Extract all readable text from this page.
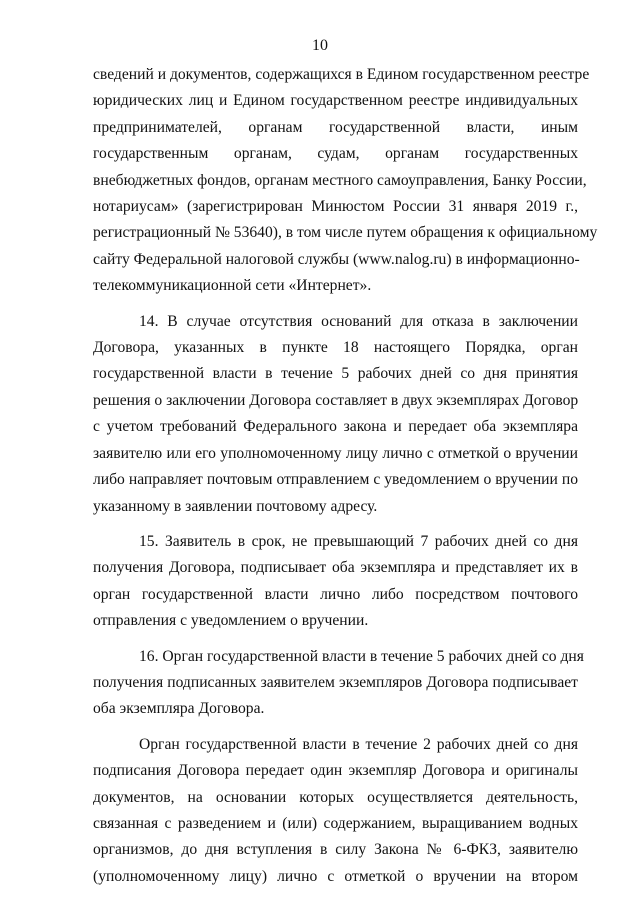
10
сведений и документов, содержащихся в Едином государственном реестре
юридических лиц и Едином государственном реестре индивидуальных
предпринимателей, органам государственной власти, иным
государственным органам, судам, органам государственных
внебюджетных фондов, органам местного самоуправления, Банку России,
нотариусам» (зарегистрирован Минюстом России 31 января 2019 г.,
регистрационный № 53640), в том числе путем обращения к официальному
сайту Федеральной налоговой службы (www.nalog.ru) в информационно-
телекоммуникационной сети «Интернет».
14. В случае отсутствия оснований для отказа в заключении
Договора, указанных в пункте 18 настоящего Порядка, орган
государственной власти в течение 5 рабочих дней со дня принятия
решения о заключении Договора составляет в двух экземплярах Договор
с учетом требований Федерального закона и передает оба экземпляра
заявителю или его уполномоченному лицу лично с отметкой о вручении
либо направляет почтовым отправлением с уведомлением о вручении по
указанному в заявлении почтовому адресу.
15. Заявитель в срок, не превышающий 7 рабочих дней со дня
получения Договора, подписывает оба экземпляра и представляет их в
орган государственной власти лично либо посредством почтового
отправления с уведомлением о вручении.
16. Орган государственной власти в течение 5 рабочих дней со дня
получения подписанных заявителем экземпляров Договора подписывает
оба экземпляра Договора.
Орган государственной власти в течение 2 рабочих дней со дня
подписания Договора передает один экземпляр Договора и оригиналы
документов, на основании которых осуществляется деятельность,
связанная с разведением и (или) содержанием, выращиванием водных
организмов, до дня вступления в силу Закона № 6-ФКЗ, заявителю
(уполномоченному лицу) лично с отметкой о вручении на втором
